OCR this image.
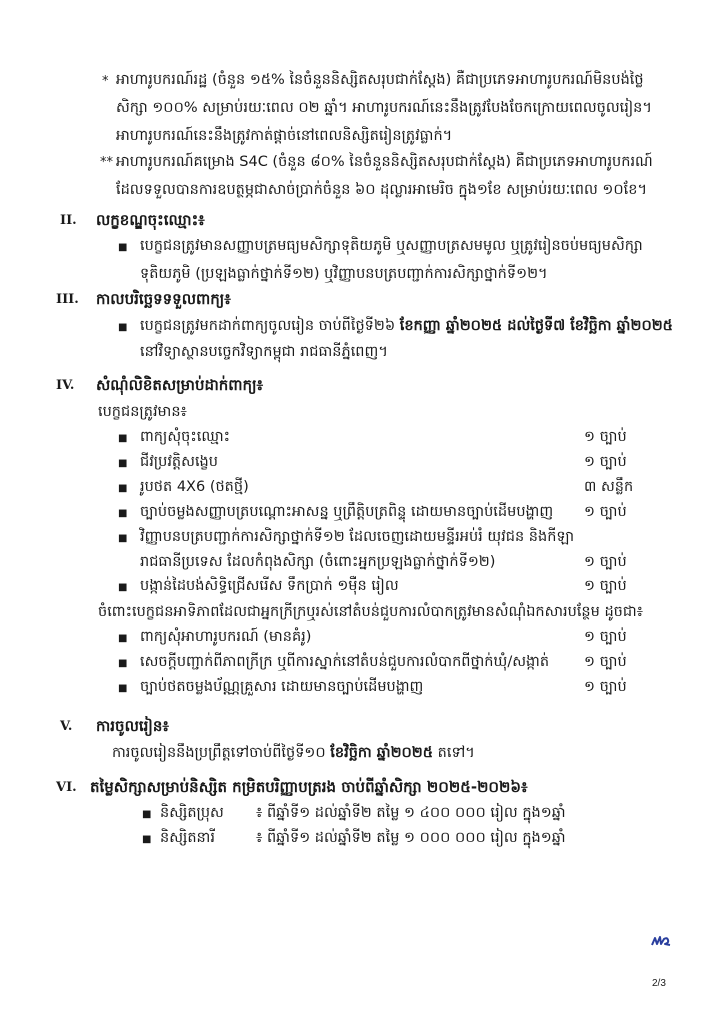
* អាហារូបករណ៍រដ្ឋ (ចំនួន ១៥% នៃចំនួននិស្សិតសរុបជាក់ស្តែង) គឺជាប្រភេទអាហារូបករណ៍មិនបង់ថ្លៃ
សិក្សា ១០០% សម្រាប់រយៈពេល ០២ ឆ្នាំ។ អាហារូបករណ៍នេះនឹងត្រូវបែងចែកក្រោយពេលចូលរៀន។
អាហារូបករណ៍នេះនឹងត្រូវកាត់ផ្តាច់នៅពេលនិស្សិតរៀនត្រូវធ្លាក់។
** អាហារូបករណ៍គម្រោង S4C (ចំនួន ៨០% នៃចំនួននិស្សិតសរុបជាក់ស្តែង) គឺជាប្រភេទអាហារូបករណ៍
ដែលទទួលបានការឧបត្ថម្ភជាសាច់ប្រាក់ចំនួន ៦០ ដុល្លារអាមេរិច ក្នុង១ខែ សម្រាប់រយៈពេល ១០ខែ។
II. លក្ខខណ្ឌចុះឈ្មោះ៖
■ បេក្ខជនត្រូវមានសញ្ញាបត្រមធ្យមសិក្សាទុតិយភូមិ ឬសញ្ញាបត្រសមមូល ឬត្រូវរៀនចប់មធ្យមសិក្សា
ទុតិយភូមិ (ប្រឡងធ្លាក់ថ្នាក់ទី១២) ឬវិញ្ញាបនបត្របញ្ជាក់ការសិក្សាថ្នាក់ទី១២។
III. កាលបរិច្ឆេទទទួលពាក្យ៖
■ បេក្ខជនត្រូវមកដាក់ពាក្យចូលរៀន ចាប់ពីថ្ងៃទី២៦ ខែកញ្ញា ឆ្នាំ២០២៥ ដល់ថ្ងៃទី៧ ខែវិច្ឆិកា ឆ្នាំ២០២៥
នៅវិទ្យាស្ថានបច្ចេកវិទ្យាកម្ពុជា រាជធានីភ្នំពេញ។
IV. សំណុំលិខិតសម្រាប់ដាក់ពាក្យ៖
បេក្ខជនត្រូវមាន៖
■ ពាក្យសុំចុះឈ្មោះ	១ ច្បាប់
■ ជីវប្រវត្តិសង្ខេប	១ ច្បាប់
■ រូបថត 4X6 (ថតថ្មី)	៣ សន្លឹក
■ ច្បាប់ចម្លងសញ្ញាបត្របណ្តោះអាសន្ន ឬព្រឹត្តិបត្រពិន្ទុ ដោយមានច្បាប់ដើមបង្ហាញ ១ ច្បាប់
■ វិញ្ញាបនបត្របញ្ជាក់ការសិក្សាថ្នាក់ទី១២ ដែលចេញដោយមន្ទីរអប់រំ យុវជន និងកីឡា
រាជធានីប្រទេស ដែលកំពុងសិក្សា (ចំពោះអ្នកប្រឡងធ្លាក់ថ្នាក់ទី១២)	១ ច្បាប់
■ បង្កាន់ដៃបង់សិទ្ធិជ្រើសរើស ទឹកប្រាក់ ១ម៉ឺន រៀល	១ ច្បាប់
ចំពោះបេក្ខជនអាទិភាពដែលជាអ្នកក្រីក្រឬរស់នៅតំបន់ជួបការលំបាកត្រូវមានសំណុំឯកសារបន្ថែម ដូចជា៖
■ ពាក្យសុំអាហារូបករណ៍ (មានគំរូ)	១ ច្បាប់
■ សេចក្តីបញ្ជាក់ពីភាពក្រីក្រ ឬពីការស្នាក់នៅតំបន់ជួបការលំបាកពីថ្នាក់ឃុំ/សង្កាត់ ១ ច្បាប់
■ ច្បាប់ថតចម្លងប័ណ្ណគ្រួសារ ដោយមានច្បាប់ដើមបង្ហាញ	១ ច្បាប់
V. ការចូលរៀន៖
ការចូលរៀននឹងប្រព្រឹត្តទៅចាប់ពីថ្ងៃទី១០ ខែវិច្ឆិកា ឆ្នាំ២០២៥ តទៅ។
VI. តម្លៃសិក្សាសម្រាប់និស្សិត កម្រិតបរិញ្ញាបត្ររង ចាប់ពីឆ្នាំសិក្សា ២០២៥-២០២៦៖
■ និស្សិតប្រុស ៖ ពីឆ្នាំទី១ ដល់ឆ្នាំទី២ តម្លៃ ១ ៤០០ ០០០ រៀល ក្នុង១ឆ្នាំ
■ និស្សិតនារី	៖ ពីឆ្នាំទី១ ដល់ឆ្នាំទី២ តម្លៃ ១ ០០០ ០០០ រៀល ក្នុង១ឆ្នាំ
2/3
